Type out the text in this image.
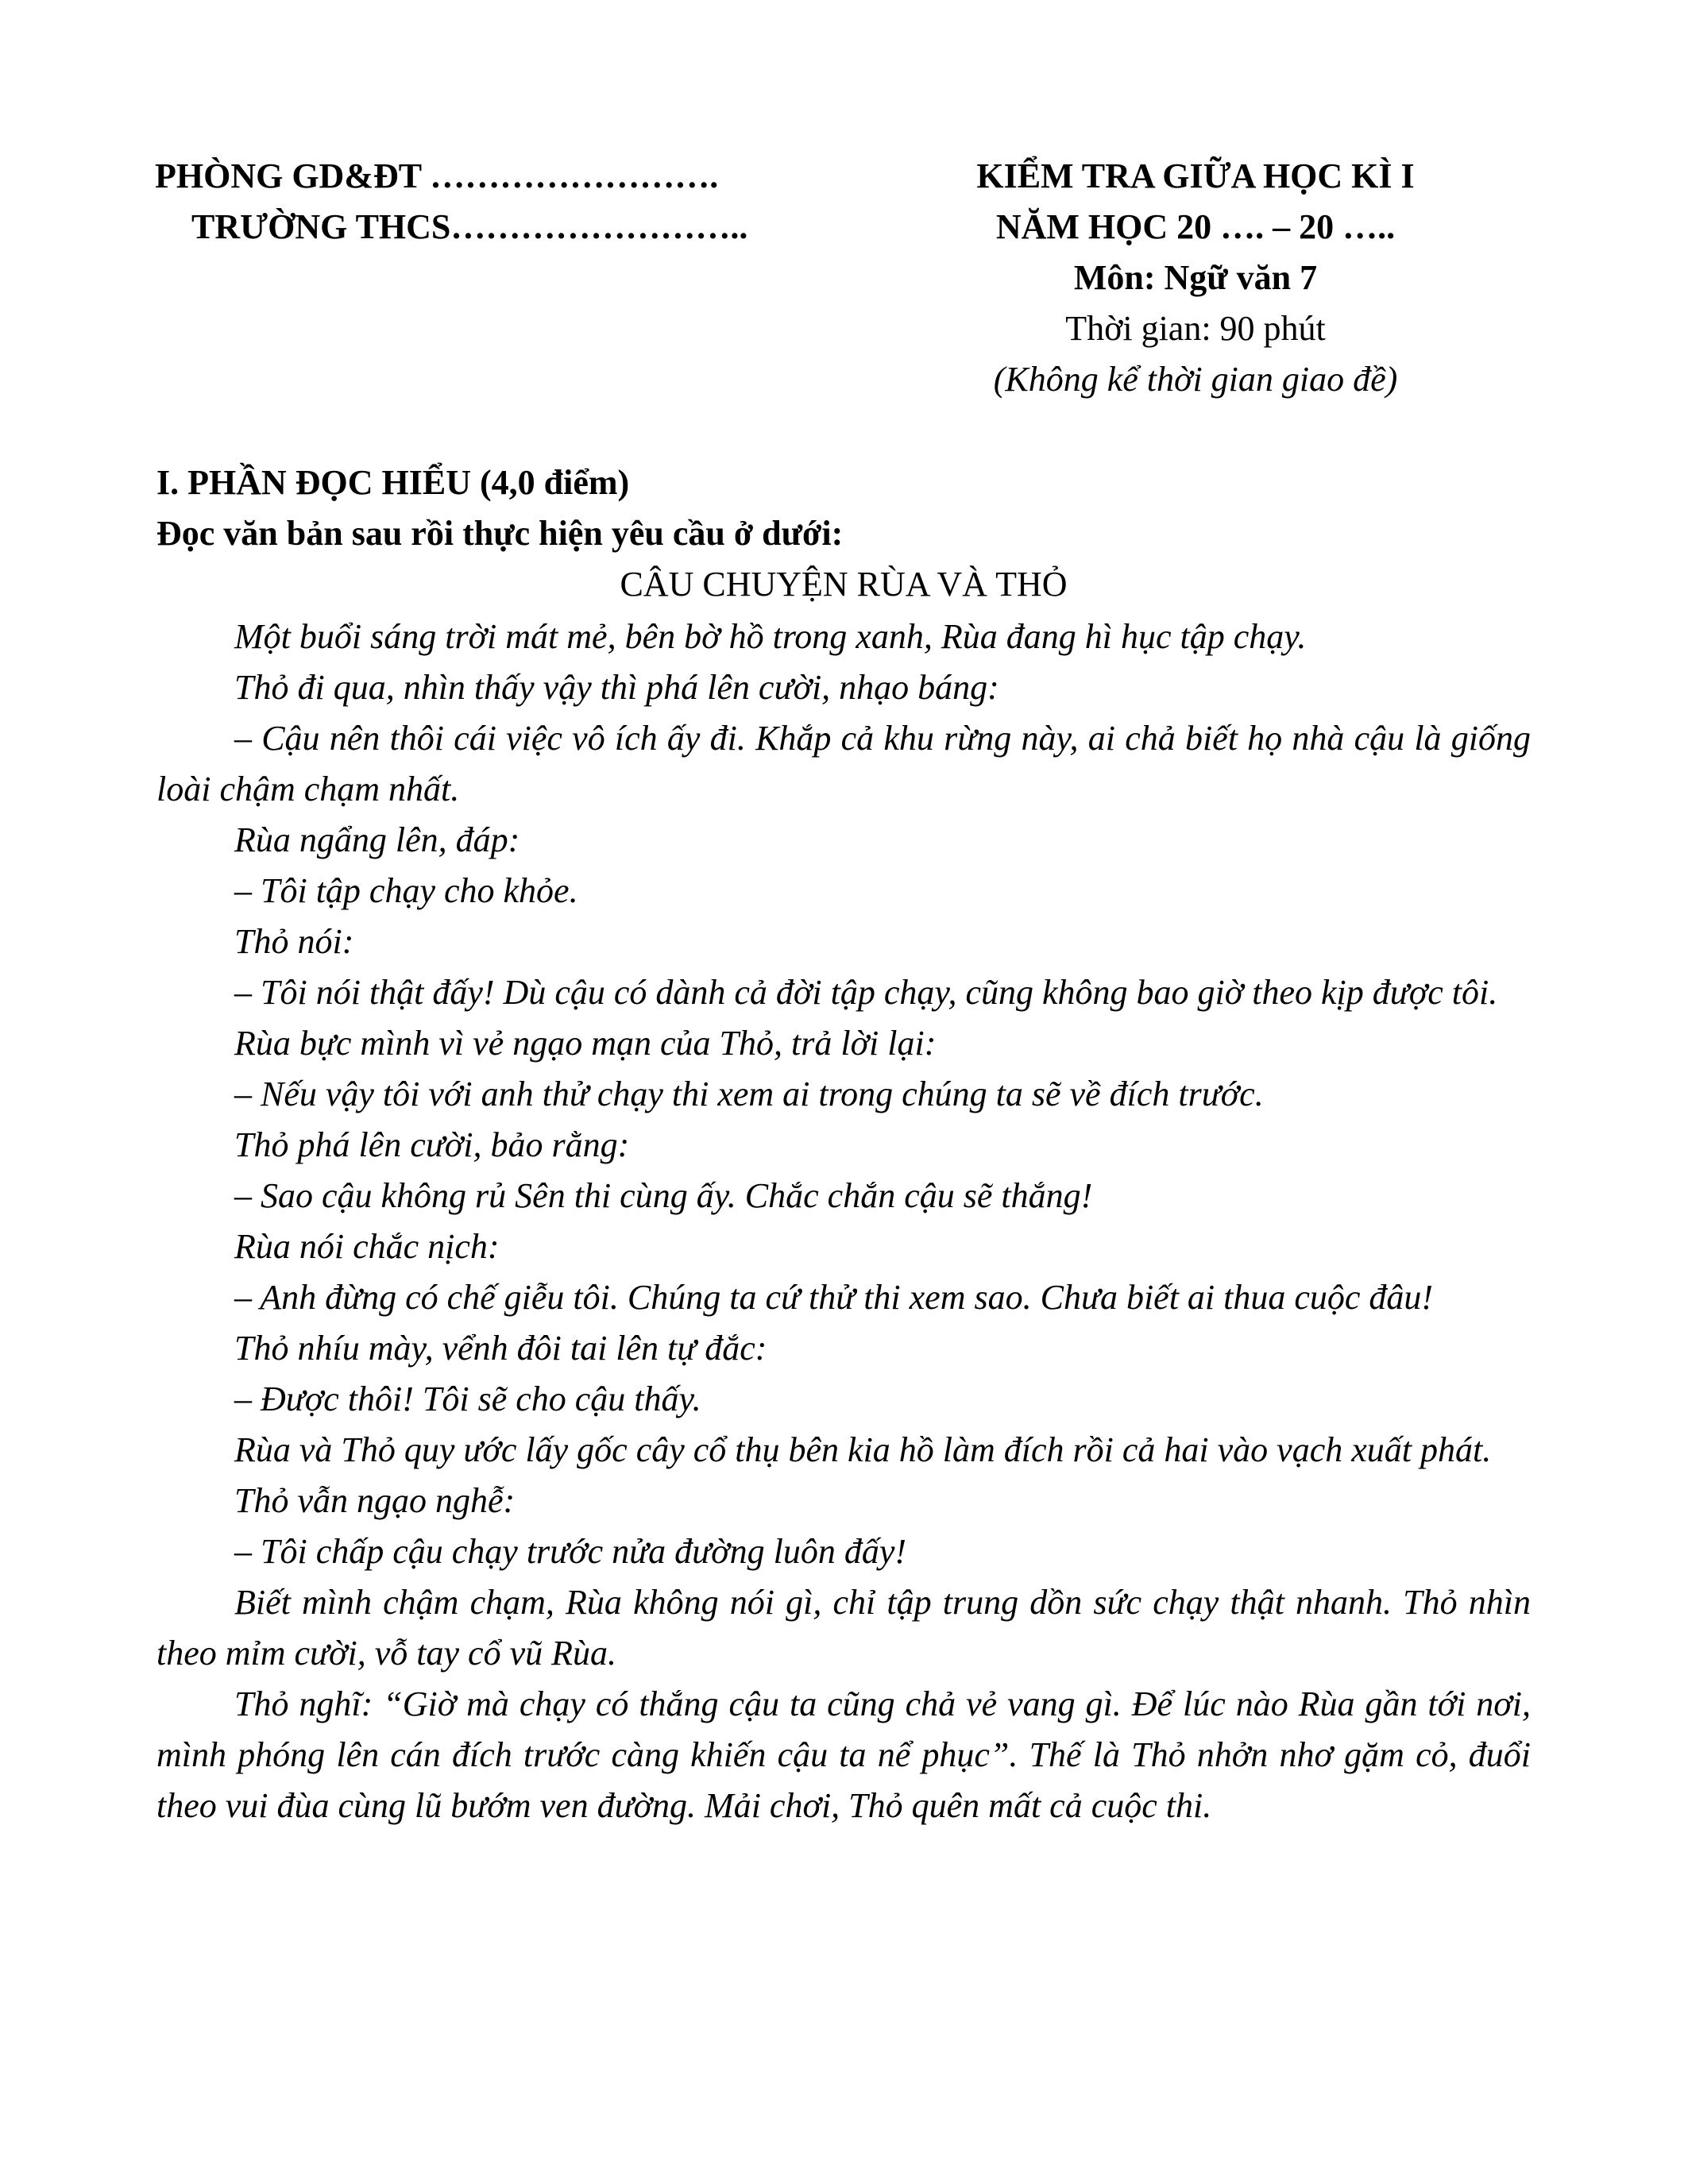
PHÒNG GD&ĐT …………………….
TRƯỜNG THCS……………………..
KIỂM TRA GIỮA HỌC KÌ I
NĂM HỌC 20 …. – 20 …..
Môn: Ngữ văn 7
Thời gian: 90 phút
(Không kể thời gian giao đề)
I. PHẦN ĐỌC HIỂU (4,0 điểm)
Đọc văn bản sau rồi thực hiện yêu cầu ở dưới:
CÂU CHUYỆN RÙA VÀ THỎ

Một buổi sáng trời mát mẻ, bên bờ hồ trong xanh, Rùa đang hì hục tập chạy.

Thỏ đi qua, nhìn thấy vậy thì phá lên cười, nhạo báng:

– Cậu nên thôi cái việc vô ích ấy đi. Khắp cả khu rừng này, ai chả biết họ nhà cậu là giống loài chậm chạm nhất.

Rùa ngẩng lên, đáp:

– Tôi tập chạy cho khỏe.

Thỏ nói:

– Tôi nói thật đấy! Dù cậu có dành cả đời tập chạy, cũng không bao giờ theo kịp được tôi.

Rùa bực mình vì vẻ ngạo mạn của Thỏ, trả lời lại:

– Nếu vậy tôi với anh thử chạy thi xem ai trong chúng ta sẽ về đích trước.

Thỏ phá lên cười, bảo rằng:

– Sao cậu không rủ Sên thi cùng ấy. Chắc chắn cậu sẽ thắng!

Rùa nói chắc nịch:

– Anh đừng có chế giễu tôi. Chúng ta cứ thử thi xem sao. Chưa biết ai thua cuộc đâu!

Thỏ nhíu mày, vểnh đôi tai lên tự đắc:

– Được thôi! Tôi sẽ cho cậu thấy.

Rùa và Thỏ quy ước lấy gốc cây cổ thụ bên kia hồ làm đích rồi cả hai vào vạch xuất phát.

Thỏ vẫn ngạo nghễ:

– Tôi chấp cậu chạy trước nửa đường luôn đấy!

Biết mình chậm chạm, Rùa không nói gì, chỉ tập trung dồn sức chạy thật nhanh. Thỏ nhìn theo mỉm cười, vỗ tay cổ vũ Rùa.

Thỏ nghĩ: “Giờ mà chạy có thắng cậu ta cũng chả vẻ vang gì. Để lúc nào Rùa gần tới nơi, mình phóng lên cán đích trước càng khiến cậu ta nể phục”. Thế là Thỏ nhởn nhơ gặm cỏ, đuổi theo vui đùa cùng lũ bướm ven đường. Mải chơi, Thỏ quên mất cả cuộc thi.
